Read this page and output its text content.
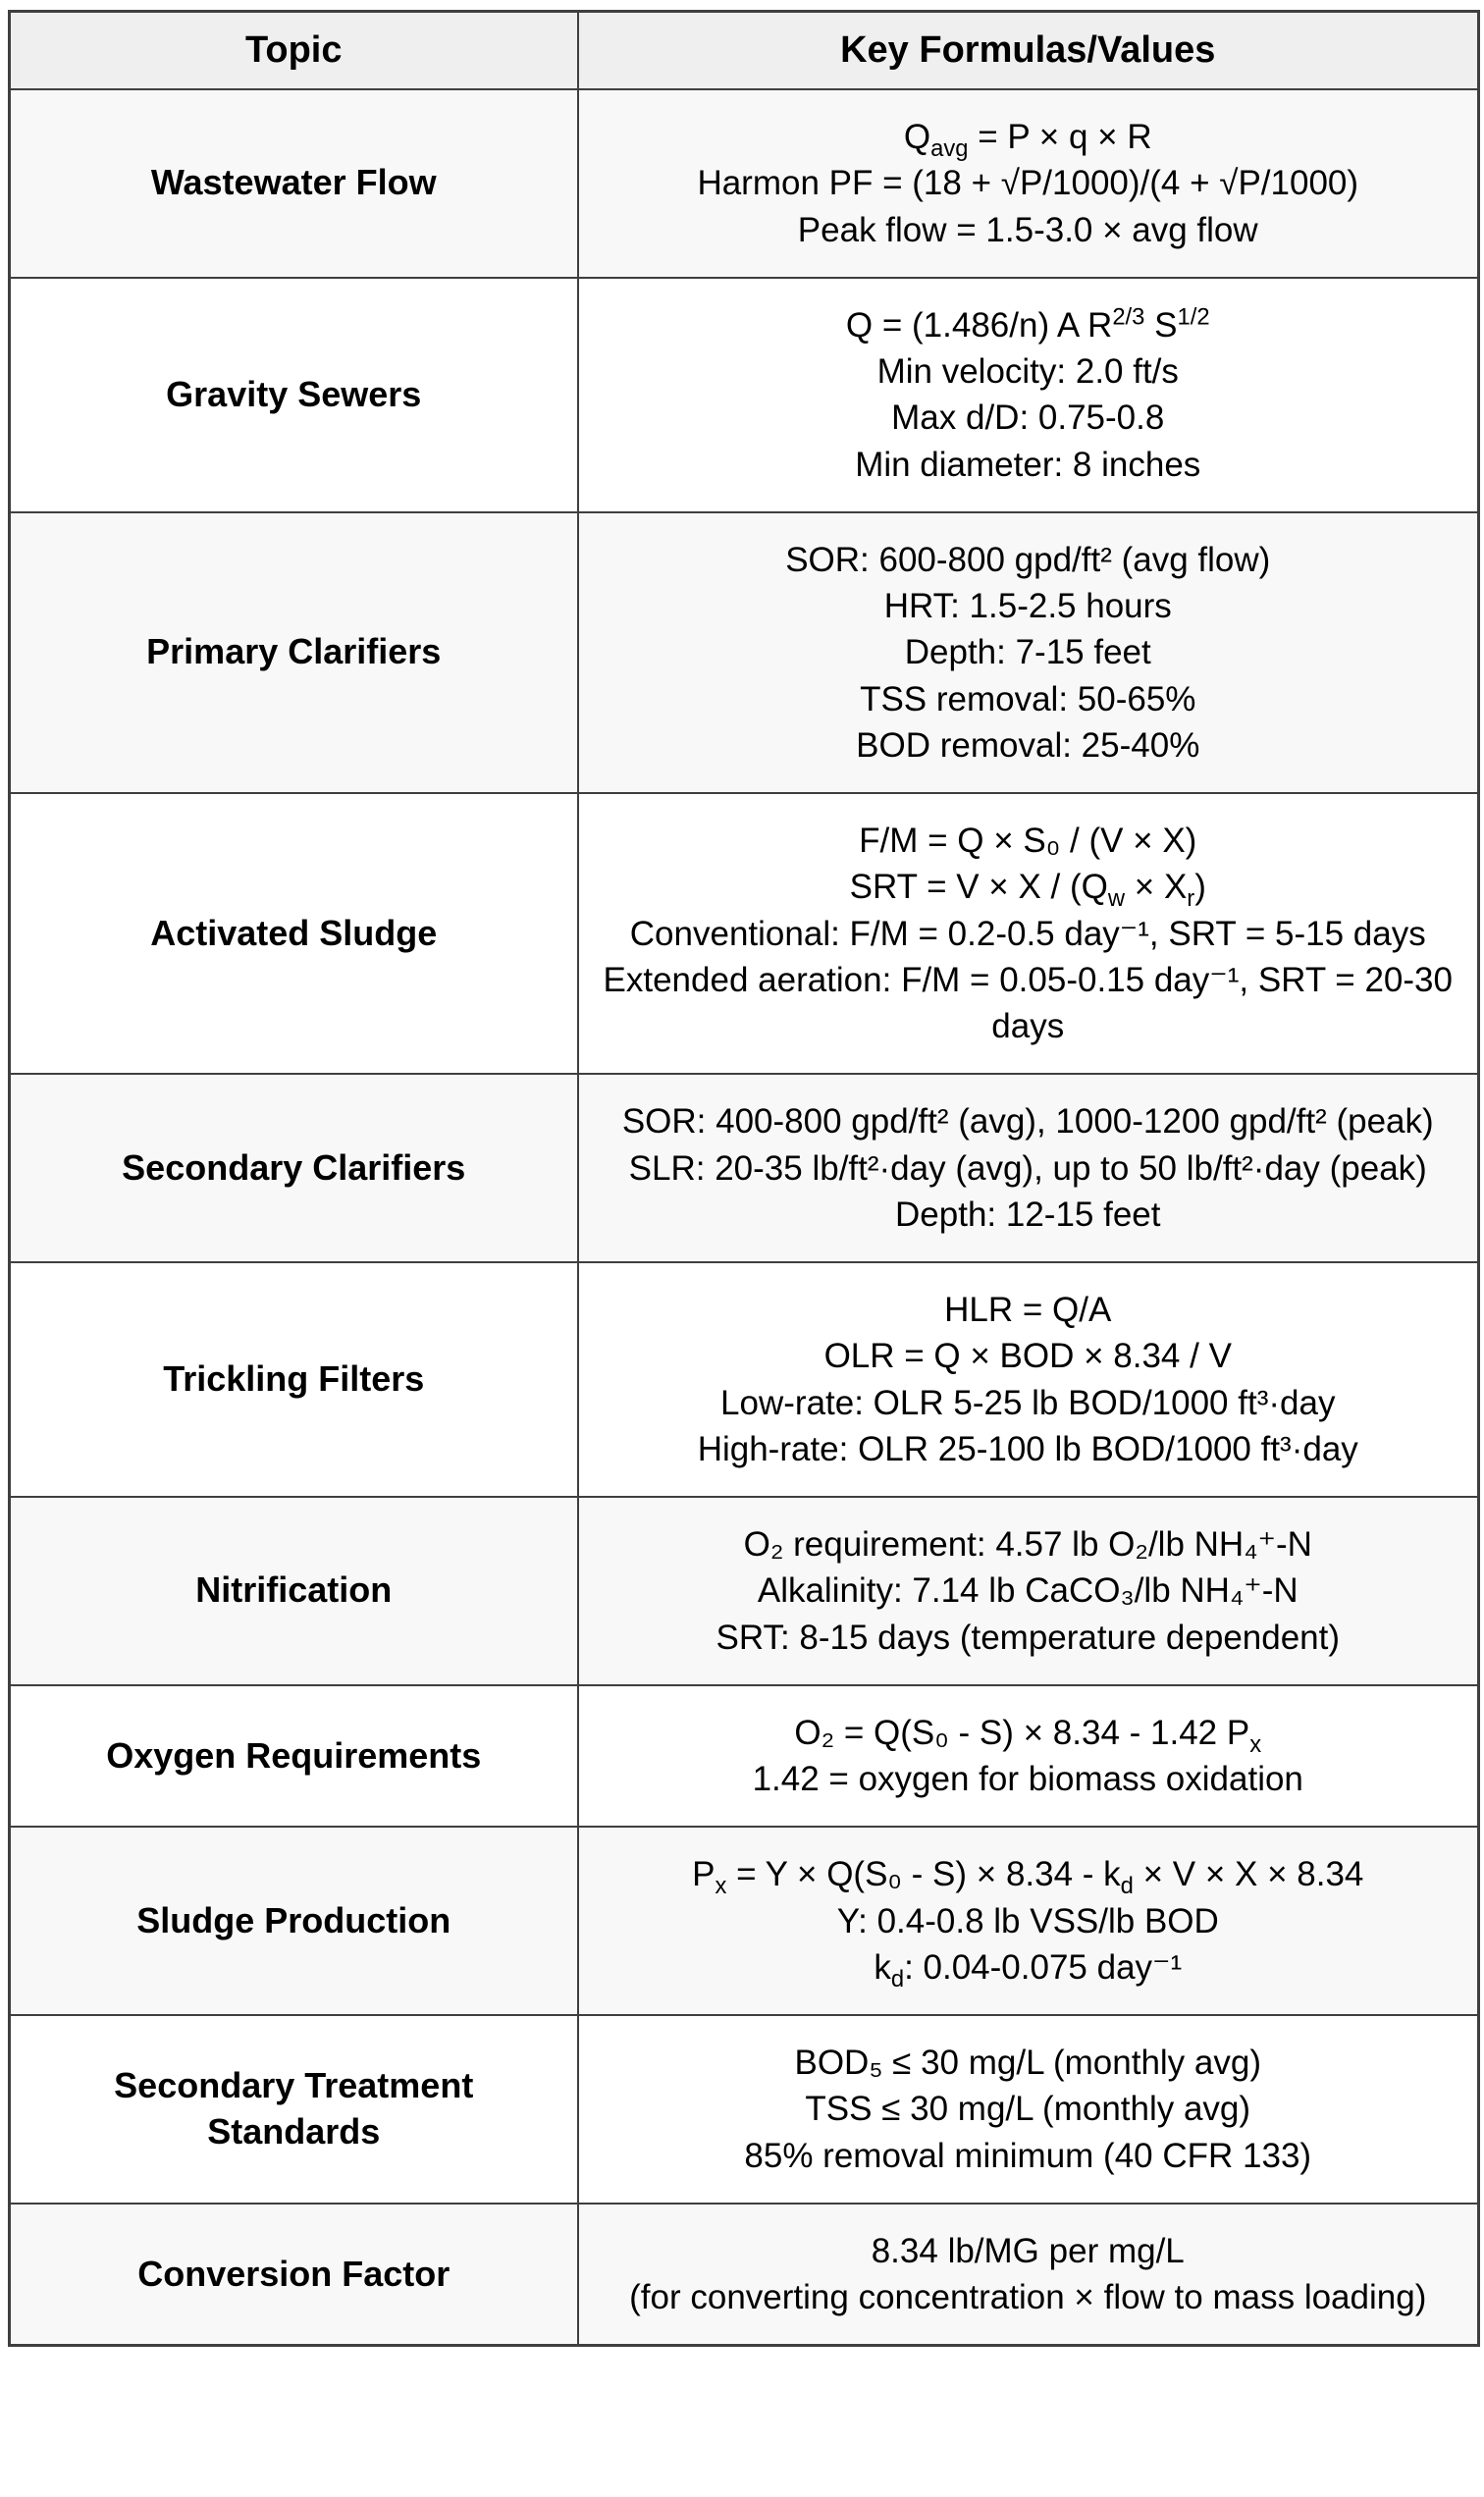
Topic	Key Formulas/Values
Wastewater Flow	$Q_{avg} = P \times q \times R$
Harmon PF = (18 + √P/1000)/(4 + √P/1000)
Peak flow = 1.5-3.0 × avg flow

Gravity Sewers	Q = (1.486/n) A $R^{2/3}$ $S^{1/2}$
Min velocity: 2.0 ft/s
Max d/D: 0.75-0.8
Min diameter: 8 inches

Primary Clarifiers	SOR: 600-800 gpd/ft² (avg flow)
HRT: 1.5-2.5 hours
Depth: 7-15 feet
TSS removal: 50-65%
BOD removal: 25-40%

Activated Sludge	F/M = Q × S₀ / (V × X)
SRT = $V \times X / (Q_w \times X_r)$
Conventional: F/M = 0.2-0.5 day⁻¹, SRT = 5-15 days
Extended aeration: F/M = 0.05-0.15 day⁻¹, SRT = 20-30 days

Secondary Clarifiers	SOR: 400-800 gpd/ft² (avg), 1000-1200 gpd/ft² (peak)
SLR: 20-35 lb/ft²·day (avg), up to 50 lb/ft²·day (peak)
Depth: 12-15 feet

Trickling Filters	HLR = Q/A
OLR = Q × BOD × 8.34 / V
Low-rate: OLR 5-25 lb BOD/1000 ft³·day
High-rate: OLR 25-100 lb BOD/1000 ft³·day

Nitrification	O₂ requirement: 4.57 lb O₂/lb NH₄⁺-N
Alkalinity: 7.14 lb CaCO₃/lb NH₄⁺-N
SRT: 8-15 days (temperature dependent)

Oxygen Requirements	O₂ = Q(S₀ - S) × 8.34 - 1.42 $P_x$
1.42 = oxygen for biomass oxidation

Sludge Production	$P_x = Y \times Q(S_0 - S) \times 8.34 - k_d \times V \times X \times 8.34$
Y: 0.4-0.8 lb VSS/lb BOD
$k_d$: 0.04-0.075 day⁻¹

Secondary Treatment Standards	BOD₅ ≤ 30 mg/L (monthly avg)
TSS ≤ 30 mg/L (monthly avg)
85% removal minimum (40 CFR 133)

Conversion Factor	8.34 lb/MG per mg/L
(for converting concentration × flow to mass loading)
